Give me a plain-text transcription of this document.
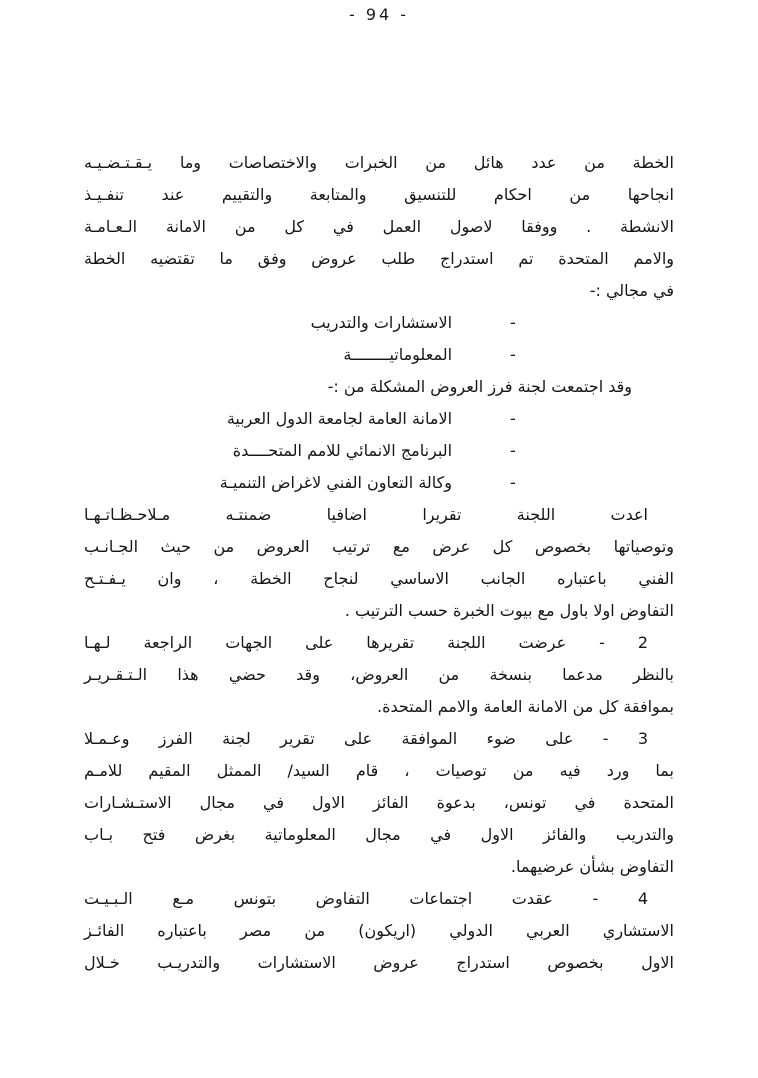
- 94 -
الخطة من عدد هائل من الخبرات والاختصاصات وما يـقـتـضـيـه
انجاحها من احكام للتنسيق والمتابعة والتقييم عند تنفـيـذ
الانشطة . ووفقا لاصول العمل في كل من الامانة الـعـامـة
والامم المتحدة تم استدراج طلب عروض وفق ما تقتضيه الخطة
في مجالي :-
-
الاستشارات والتدريب
-
المعلوماتيــــــــة
وقد اجتمعت لجنة فرز العروض المشكلة من :-
-
الامانة العامة لجامعة الدول العربية
-
البرنامج الانمائي للامم المتحــــدة
-
وكالة التعاون الفني لاغراض التنميـة
اعدت اللجنة تقريرا اضافيا ضمنتـه مـلاحـظـاتـهـا
وتوصياتها بخصوص كل عرض مع ترتيب العروض من حيث الجـانـب
الفني باعتباره الجانب الاساسي لنجاح الخطة ، وان يـفـتـح
التفاوض اولا باول مع بيوت الخبرة حسب الترتيب .
2 - عرضت اللجنة تقريرها على الجهات الراجعة لـهـا
بالنظر مدعما بنسخة من العروض، وقد حضي هذا الـتـقـريـر
بموافقة كل من الامانة العامة والامم المتحدة.
3 - على ضوء الموافقة على تقرير لجنة الفرز وعـمـلا
بما ورد فيه من توصيات ، قام السيد/ الممثل المقيم للامـم
المتحدة في تونس، بدعوة الفائز الاول في مجال الاستـشـارات
والتدريب والفائز الاول في مجال المعلوماتية بغرض فتح بـاب
التفاوض بشأن عرضيهما.
4 - عقدت اجتماعات التفاوض بتونس مـع الـبـيـت
الاستشاري العربي الدولي (اريكون) من مصر باعتباره الفائـز
الاول بخصوص استدراج عروض الاستشارات والتدريـب خـلال
